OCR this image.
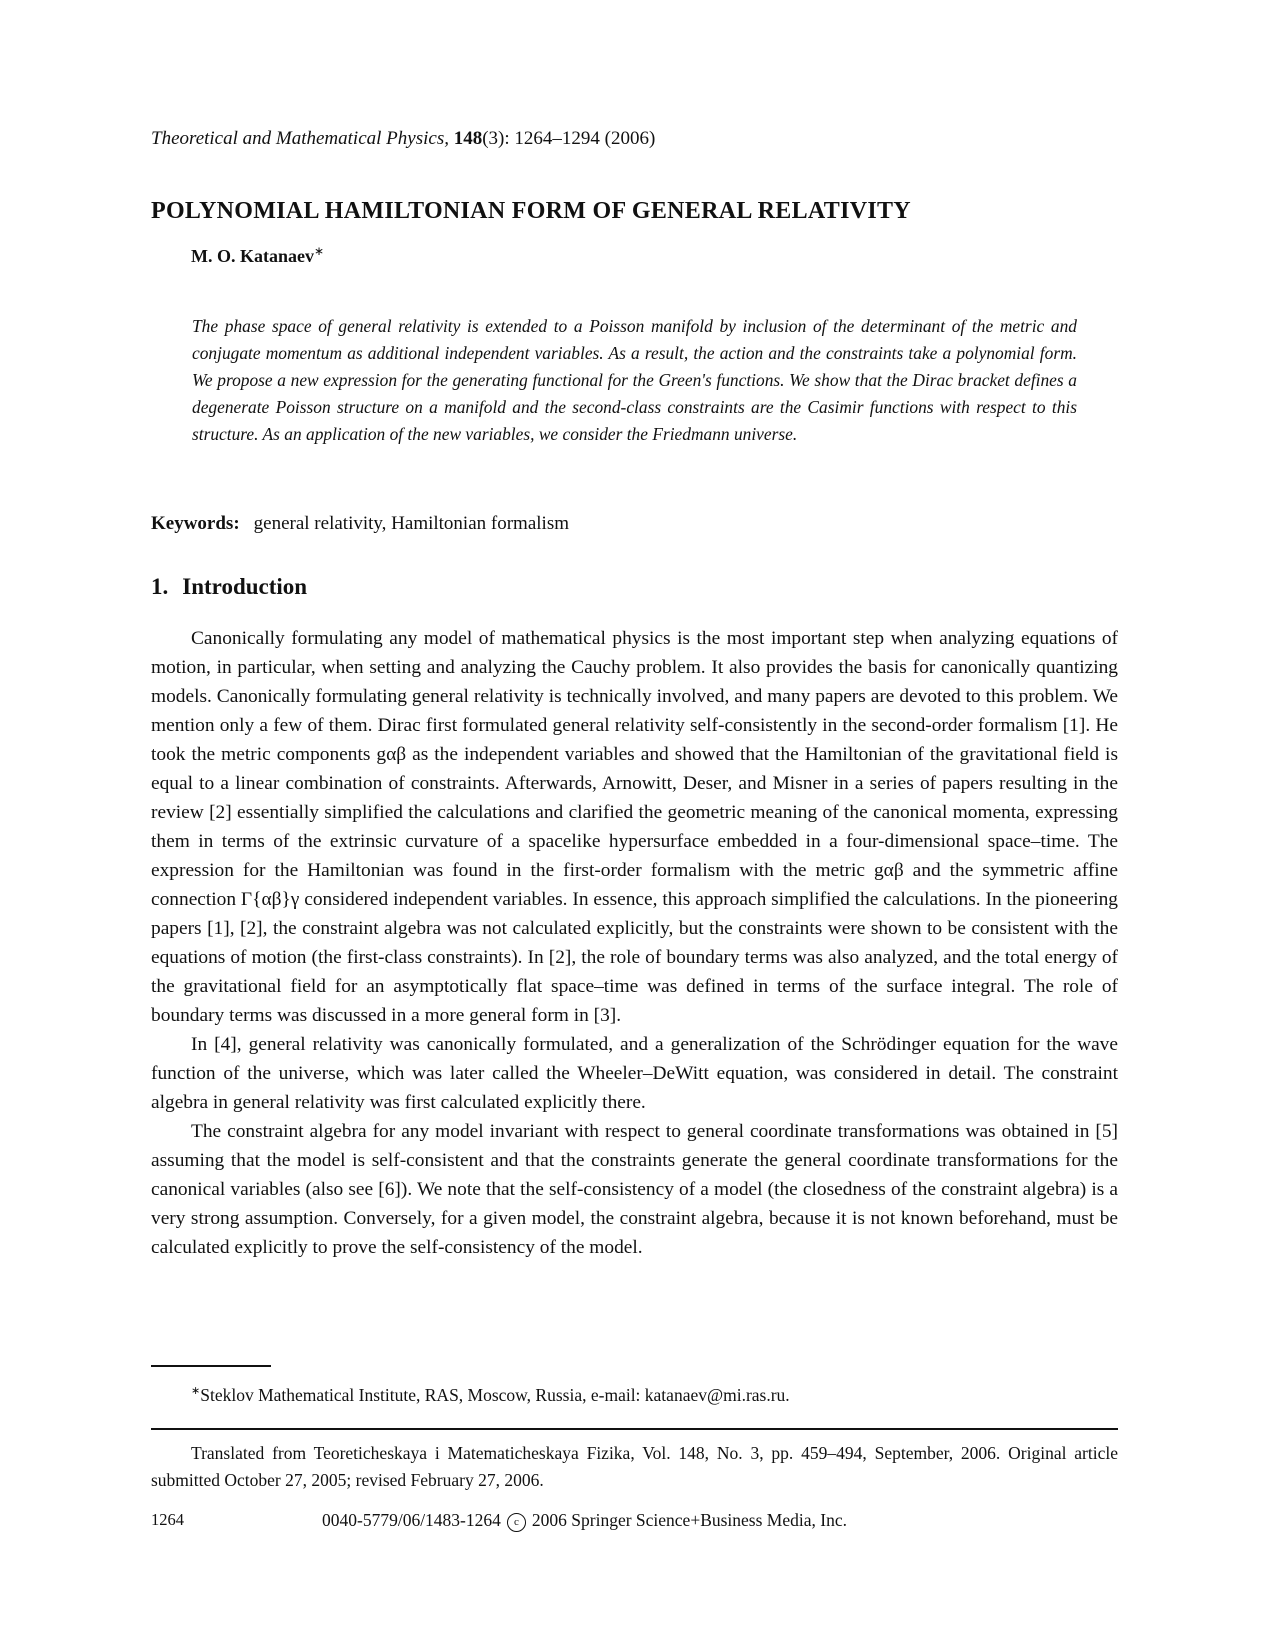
Theoretical and Mathematical Physics, 148(3): 1264–1294 (2006)
POLYNOMIAL HAMILTONIAN FORM OF GENERAL RELATIVITY
M. O. Katanaev∗
The phase space of general relativity is extended to a Poisson manifold by inclusion of the determinant of the metric and conjugate momentum as additional independent variables. As a result, the action and the constraints take a polynomial form. We propose a new expression for the generating functional for the Green's functions. We show that the Dirac bracket defines a degenerate Poisson structure on a manifold and the second-class constraints are the Casimir functions with respect to this structure. As an application of the new variables, we consider the Friedmann universe.
Keywords: general relativity, Hamiltonian formalism
1. Introduction

Canonically formulating any model of mathematical physics is the most important step when analyzing equations of motion, in particular, when setting and analyzing the Cauchy problem. It also provides the basis for canonically quantizing models. Canonically formulating general relativity is technically involved, and many papers are devoted to this problem. We mention only a few of them. Dirac first formulated general relativity self-consistently in the second-order formalism [1]. He took the metric components gαβ as the independent variables and showed that the Hamiltonian of the gravitational field is equal to a linear combination of constraints. Afterwards, Arnowitt, Deser, and Misner in a series of papers resulting in the review [2] essentially simplified the calculations and clarified the geometric meaning of the canonical momenta, expressing them in terms of the extrinsic curvature of a spacelike hypersurface embedded in a four-dimensional space–time. The expression for the Hamiltonian was found in the first-order formalism with the metric gαβ and the symmetric affine connection Γ{αβ}γ considered independent variables. In essence, this approach simplified the calculations. In the pioneering papers [1], [2], the constraint algebra was not calculated explicitly, but the constraints were shown to be consistent with the equations of motion (the first-class constraints). In [2], the role of boundary terms was also analyzed, and the total energy of the gravitational field for an asymptotically flat space–time was defined in terms of the surface integral. The role of boundary terms was discussed in a more general form in [3].

In [4], general relativity was canonically formulated, and a generalization of the Schrödinger equation for the wave function of the universe, which was later called the Wheeler–DeWitt equation, was considered in detail. The constraint algebra in general relativity was first calculated explicitly there.

The constraint algebra for any model invariant with respect to general coordinate transformations was obtained in [5] assuming that the model is self-consistent and that the constraints generate the general coordinate transformations for the canonical variables (also see [6]). We note that the self-consistency of a model (the closedness of the constraint algebra) is a very strong assumption. Conversely, for a given model, the constraint algebra, because it is not known beforehand, must be calculated explicitly to prove the self-consistency of the model.

∗Steklov Mathematical Institute, RAS, Moscow, Russia, e-mail: katanaev@mi.ras.ru.

Translated from Teoreticheskaya i Matematicheskaya Fizika, Vol. 148, No. 3, pp. 459–494, September, 2006. Original article submitted October 27, 2005; revised February 27, 2006.

1264	0040-5779/06/1483-1264 c 2006 Springer Science+Business Media, Inc.
